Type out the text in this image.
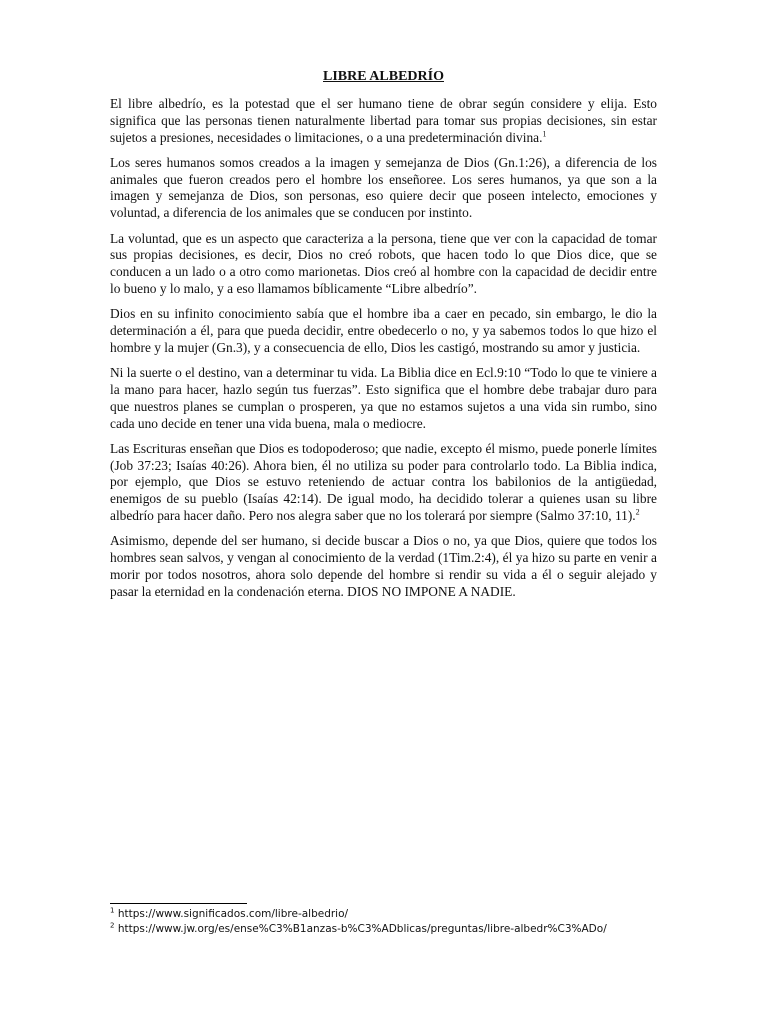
LIBRE ALBEDRÍO

El libre albedrío, es la potestad que el ser humano tiene de obrar según considere y elija. Esto significa que las personas tienen naturalmente libertad para tomar sus propias decisiones, sin estar sujetos a presiones, necesidades o limitaciones, o a una predeterminación divina.$^1$

Los seres humanos somos creados a la imagen y semejanza de Dios (Gn.1:26), a diferencia de los animales que fueron creados pero el hombre los enseñoree. Los seres humanos, ya que son a la imagen y semejanza de Dios, son personas, eso quiere decir que poseen intelecto, emociones y voluntad, a diferencia de los animales que se conducen por instinto.

La voluntad, que es un aspecto que caracteriza a la persona, tiene que ver con la capacidad de tomar sus propias decisiones, es decir, Dios no creó robots, que hacen todo lo que Dios dice, que se conducen a un lado o a otro como marionetas. Dios creó al hombre con la capacidad de decidir entre lo bueno y lo malo, y a eso llamamos bíblicamente “Libre albedrío”.

Dios en su infinito conocimiento sabía que el hombre iba a caer en pecado, sin embargo, le dio la determinación a él, para que pueda decidir, entre obedecerlo o no, y ya sabemos todos lo que hizo el hombre y la mujer (Gn.3), y a consecuencia de ello, Dios les castigó, mostrando su amor y justicia.

Ni la suerte o el destino, van a determinar tu vida. La Biblia dice en Ecl.9:10 “Todo lo que te viniere a la mano para hacer, hazlo según tus fuerzas”. Esto significa que el hombre debe trabajar duro para que nuestros planes se cumplan o prosperen, ya que no estamos sujetos a una vida sin rumbo, sino cada uno decide en tener una vida buena, mala o mediocre.

Las Escrituras enseñan que Dios es todopoderoso; que nadie, excepto él mismo, puede ponerle límites (Job 37:23; Isaías 40:26). Ahora bien, él no utiliza su poder para controlarlo todo. La Biblia indica, por ejemplo, que Dios se estuvo reteniendo de actuar contra los babilonios de la antigüedad, enemigos de su pueblo (Isaías 42:14). De igual modo, ha decidido tolerar a quienes usan su libre albedrío para hacer daño. Pero nos alegra saber que no los tolerará por siempre (Salmo 37:10, 11).$^2$

Asimismo, depende del ser humano, si decide buscar a Dios o no, ya que Dios, quiere que todos los hombres sean salvos, y vengan al conocimiento de la verdad (1Tim.2:4), él ya hizo su parte en venir a morir por todos nosotros, ahora solo depende del hombre si rendir su vida a él o seguir alejado y pasar la eternidad en la condenación eterna. DIOS NO IMPONE A NADIE.

$^1$ https://www.significados.com/libre-albedrio/
$^2$ https://www.jw.org/es/ense%C3%B1anzas-b%C3%ADblicas/preguntas/libre-albedr%C3%ADo/
